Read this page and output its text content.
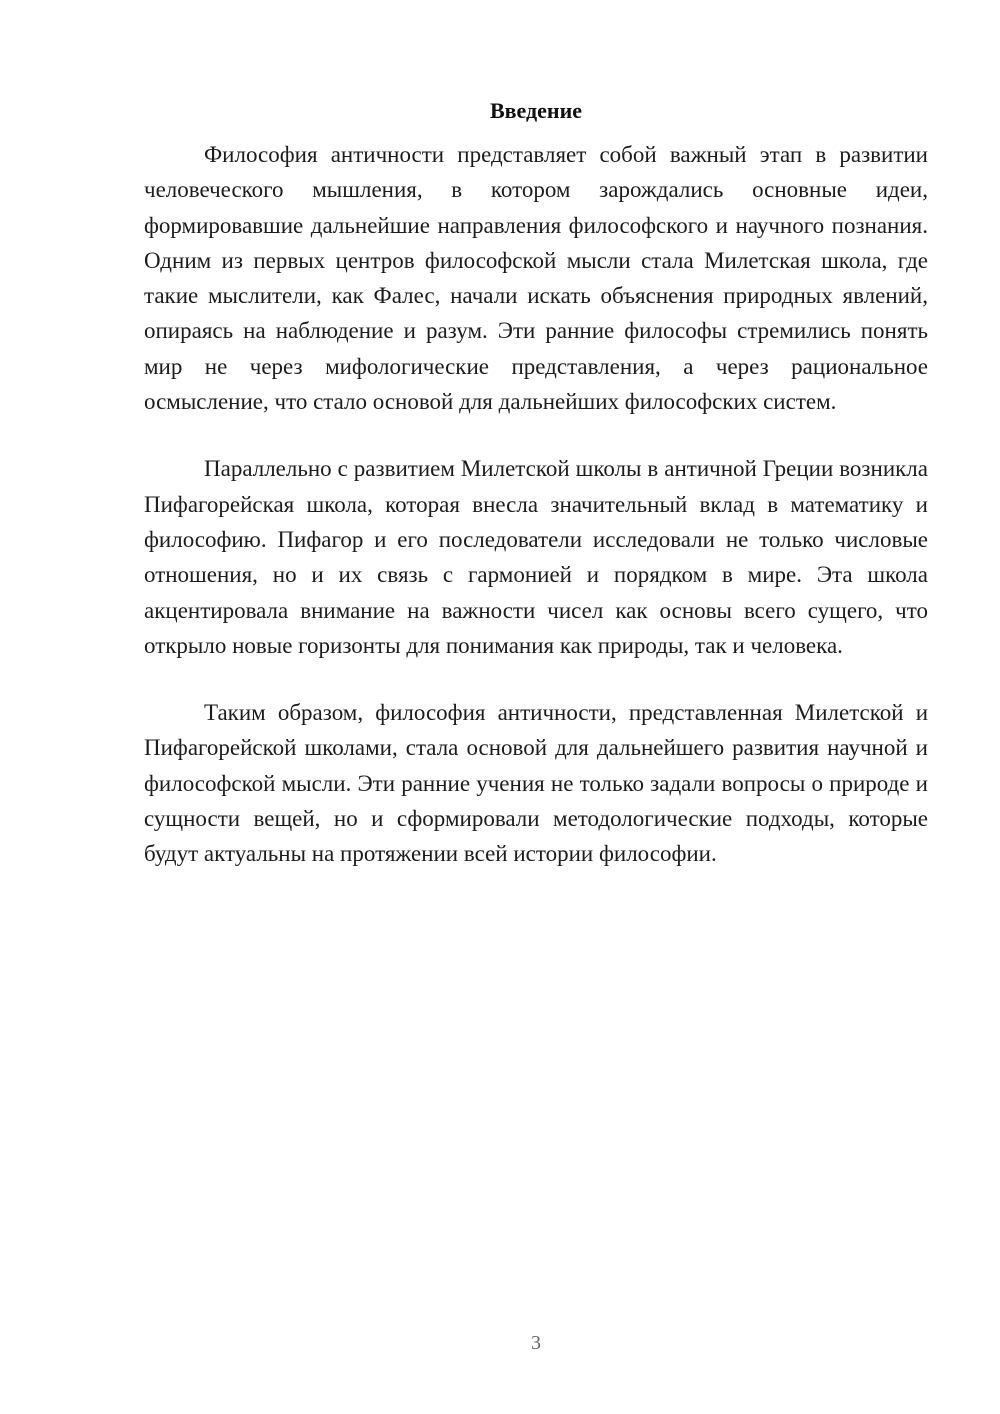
Введение

Философия античности представляет собой важный этап в развитии человеческого мышления, в котором зарождались основные идеи, формировавшие дальнейшие направления философского и научного познания. Одним из первых центров философской мысли стала Милетская школа, где такие мыслители, как Фалес, начали искать объяснения природных явлений, опираясь на наблюдение и разум. Эти ранние философы стремились понять мир не через мифологические представления, а через рациональное осмысление, что стало основой для дальнейших философских систем.

Параллельно с развитием Милетской школы в античной Греции возникла Пифагорейская школа, которая внесла значительный вклад в математику и философию. Пифагор и его последователи исследовали не только числовые отношения, но и их связь с гармонией и порядком в мире. Эта школа акцентировала внимание на важности чисел как основы всего сущего, что открыло новые горизонты для понимания как природы, так и человека.

Таким образом, философия античности, представленная Милетской и Пифагорейской школами, стала основой для дальнейшего развития научной и философской мысли. Эти ранние учения не только задали вопросы о природе и сущности вещей, но и сформировали методологические подходы, которые будут актуальны на протяжении всей истории философии.

3
